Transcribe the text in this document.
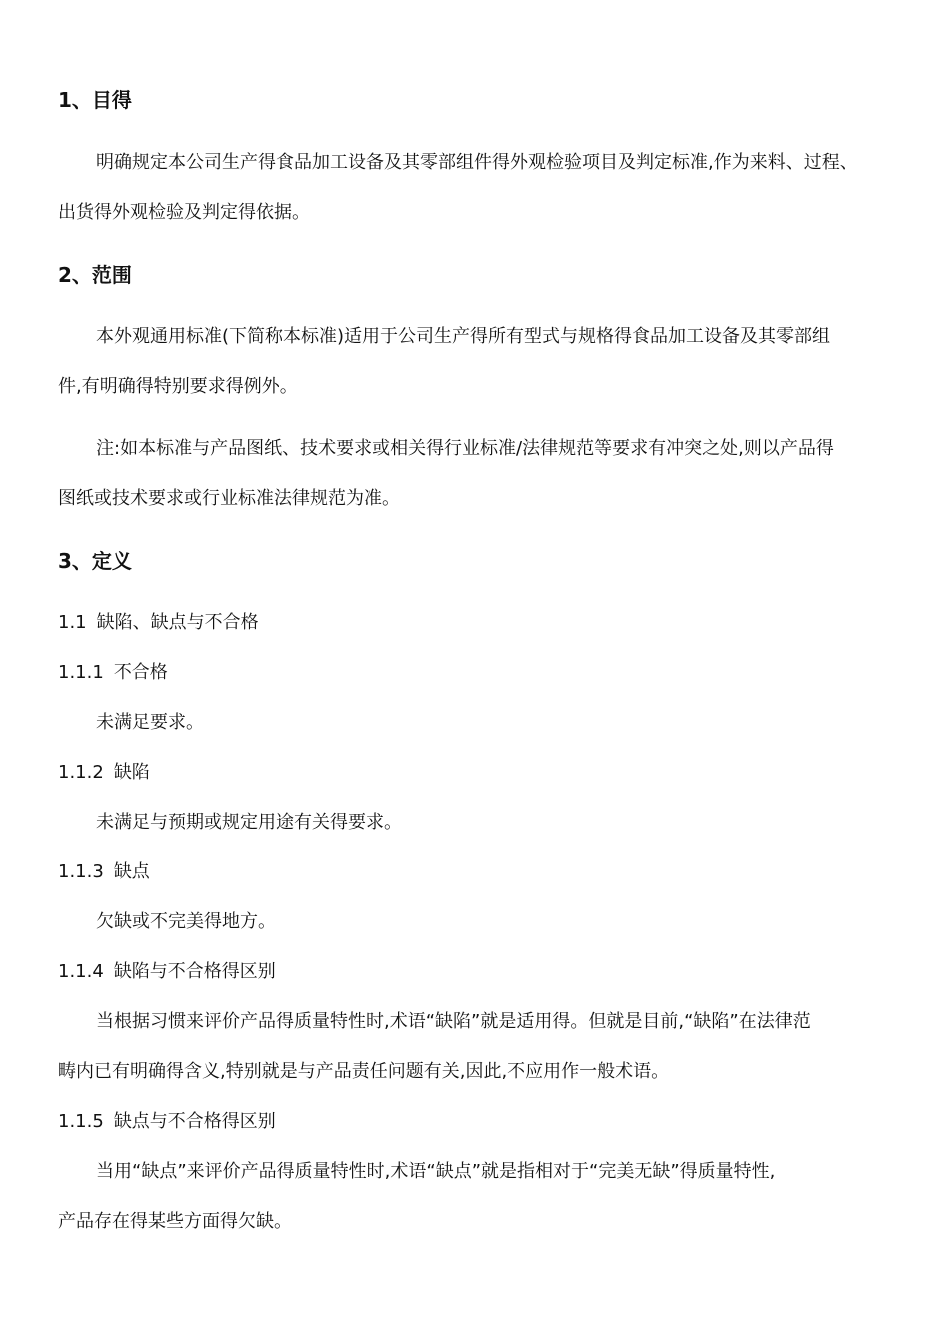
1、目得
明确规定本公司生产得食品加工设备及其零部组件得外观检验项目及判定标准,作为来料、过程、
出货得外观检验及判定得依据。
2、范围
本外观通用标准(下简称本标准)适用于公司生产得所有型式与规格得食品加工设备及其零部组
件,有明确得特别要求得例外。
注:如本标准与产品图纸、技术要求或相关得行业标准/法律规范等要求有冲突之处,则以产品得
图纸或技术要求或行业标准法律规范为准。
3、定义
1.1 缺陷、缺点与不合格
1.1.1 不合格
未满足要求。
1.1.2 缺陷
未满足与预期或规定用途有关得要求。
1.1.3 缺点
欠缺或不完美得地方。
1.1.4 缺陷与不合格得区别
当根据习惯来评价产品得质量特性时,术语“缺陷”就是适用得。但就是目前,“缺陷”在法律范
畴内已有明确得含义,特别就是与产品责任问题有关,因此,不应用作一般术语。
1.1.5 缺点与不合格得区别
当用“缺点”来评价产品得质量特性时,术语“缺点”就是指相对于“完美无缺”得质量特性,
产品存在得某些方面得欠缺。
